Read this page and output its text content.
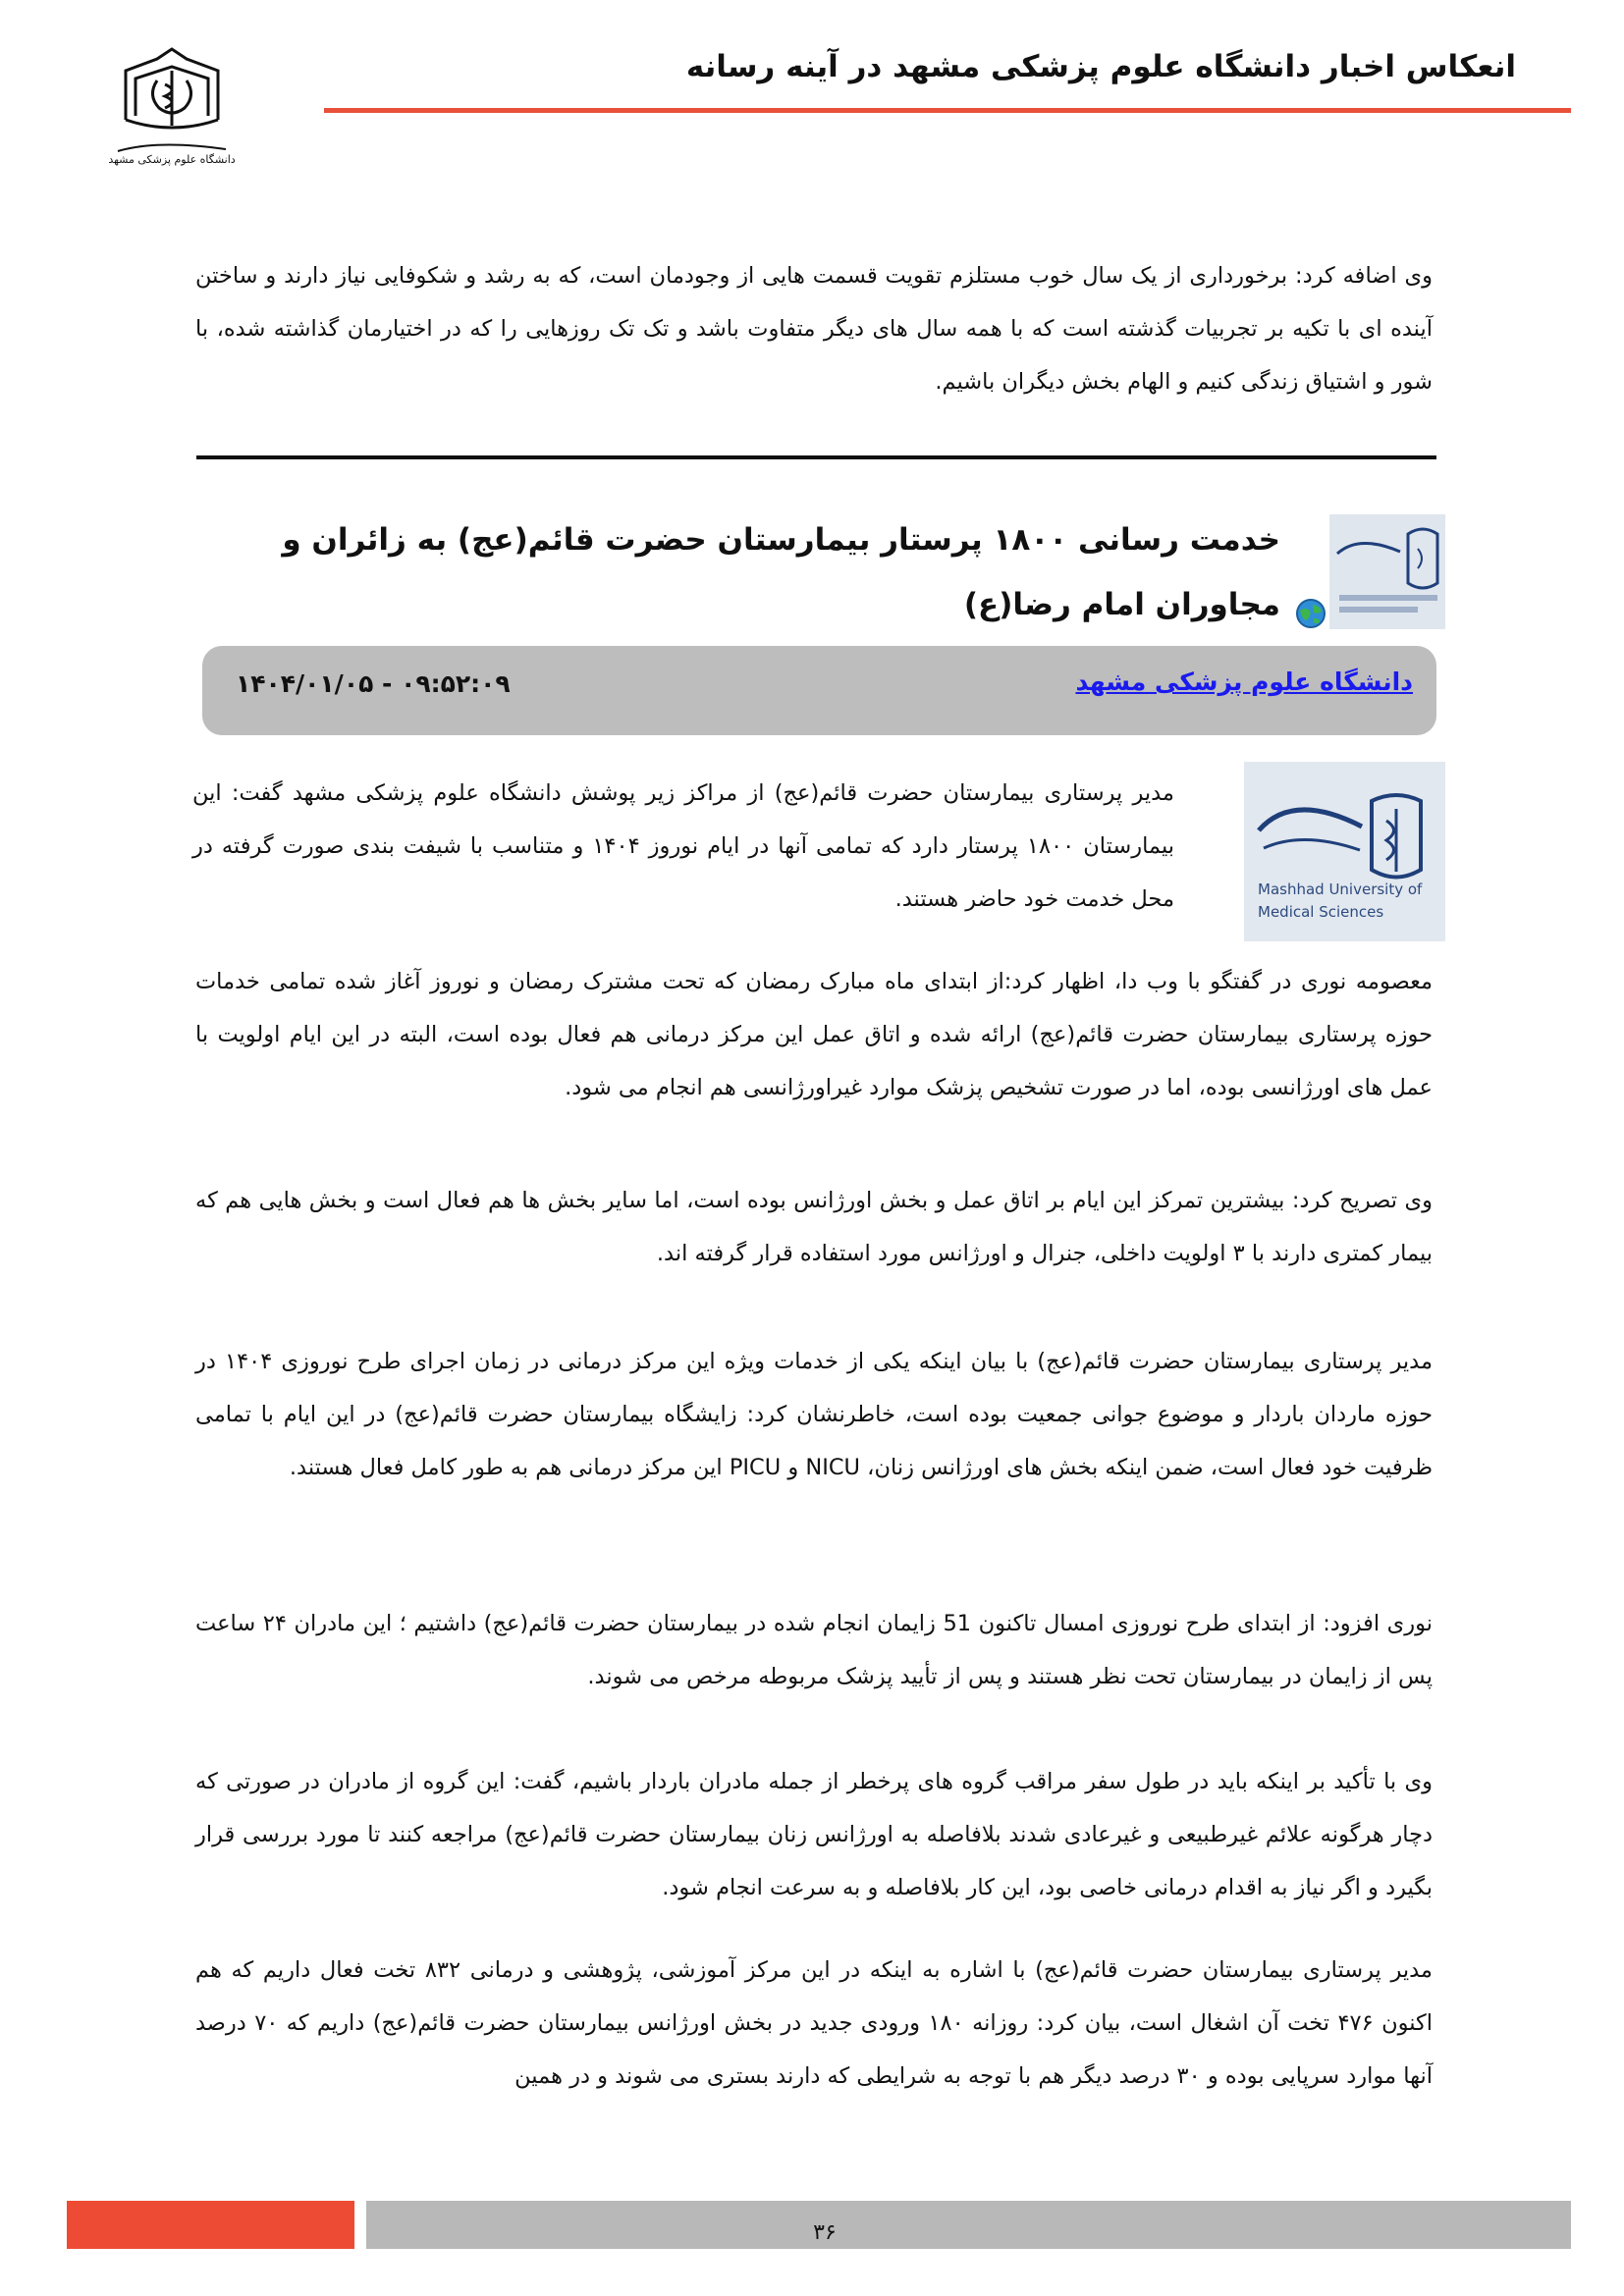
انعکاس اخبار دانشگاه علوم پزشکی مشهد در آینه رسانه
دانشگاه علوم پزشکی مشهد
وی اضافه کرد: برخورداری از یک سال خوب مستلزم تقویت قسمت هایی از وجودمان است، که به رشد و شکوفایی نیاز دارند و ساختن آینده ای با تکیه بر تجربیات گذشته است که با همه سال های دیگر متفاوت باشد و تک تک روزهایی را که در اختیارمان گذاشته شده، با شور و اشتیاق زندگی کنیم و الهام بخش دیگران باشیم.
خدمت رسانی ۱۸۰۰ پرستار بیمارستان حضرت قائم(عج) به زائران و مجاوران امام رضا(ع)
دانشگاه علوم پزشکی مشهد
۱۴۰۴/۰۱/۰۵ - ۰۹:۵۲:۰۹
Mashhad University of
Medical Sciences
مدیر پرستاری بیمارستان حضرت قائم(عج) از مراکز زیر پوشش دانشگاه علوم پزشکی مشهد گفت: این بیمارستان ۱۸۰۰ پرستار دارد که تمامی آنها در ایام نوروز ۱۴۰۴ و متناسب با شیفت بندی صورت گرفته در محل خدمت خود حاضر هستند.
معصومه نوری در گفتگو با وب دا، اظهار کرد:از ابتدای ماه مبارک رمضان که تحت مشترک رمضان و نوروز آغاز شده تمامی خدمات حوزه پرستاری بیمارستان حضرت قائم(عج) ارائه شده و اتاق عمل این مرکز درمانی هم فعال بوده است، البته در این ایام اولویت با عمل های اورژانسی بوده، اما در صورت تشخیص پزشک موارد غیراورژانسی هم انجام می شود.
وی تصریح کرد: بیشترین تمرکز این ایام بر اتاق عمل و بخش اورژانس بوده است، اما سایر بخش ها هم فعال است و بخش هایی هم که بیمار کمتری دارند با ۳ اولویت داخلی، جنرال و اورژانس مورد استفاده قرار گرفته اند.
مدیر پرستاری بیمارستان حضرت قائم(عج) با بیان اینکه یکی از خدمات ویژه این مرکز درمانی در زمان اجرای طرح نوروزی ۱۴۰۴ در حوزه ماردان باردار و موضوع جوانی جمعیت بوده است، خاطرنشان کرد: زایشگاه بیمارستان حضرت قائم(عج) در این ایام با تمامی ظرفیت خود فعال است، ضمن اینکه بخش های اورژانس زنان، NICU و PICU این مرکز درمانی هم به طور کامل فعال هستند.
نوری افزود: از ابتدای طرح نوروزی امسال تاکنون 51 زایمان انجام شده در بیمارستان حضرت قائم(عج) داشتیم ؛ این مادران ۲۴ ساعت پس از زایمان در بیمارستان تحت نظر هستند و پس از تأیید پزشک مربوطه مرخص می شوند.
وی با تأکید بر اینکه باید در طول سفر مراقب گروه های پرخطر از جمله مادران باردار باشیم، گفت: این گروه از مادران در صورتی که دچار هرگونه علائم غیرطبیعی و غیرعادی شدند بلافاصله به اورژانس زنان بیمارستان حضرت قائم(عج) مراجعه کنند تا مورد بررسی قرار بگیرد و اگر نیاز به اقدام درمانی خاصی بود، این کار بلافاصله و به سرعت انجام شود.
مدیر پرستاری بیمارستان حضرت قائم(عج) با اشاره به اینکه در این مرکز آموزشی، پژوهشی و درمانی ۸۳۲ تخت فعال داریم که هم اکنون ۴۷۶ تخت آن اشغال است، بیان کرد: روزانه ۱۸۰ ورودی جدید در بخش اورژانس بیمارستان حضرت قائم(عج) داریم که ۷۰ درصد آنها موارد سرپایی بوده و ۳۰ درصد دیگر هم با توجه به شرایطی که دارند بستری می شوند و در همین
۳۶
